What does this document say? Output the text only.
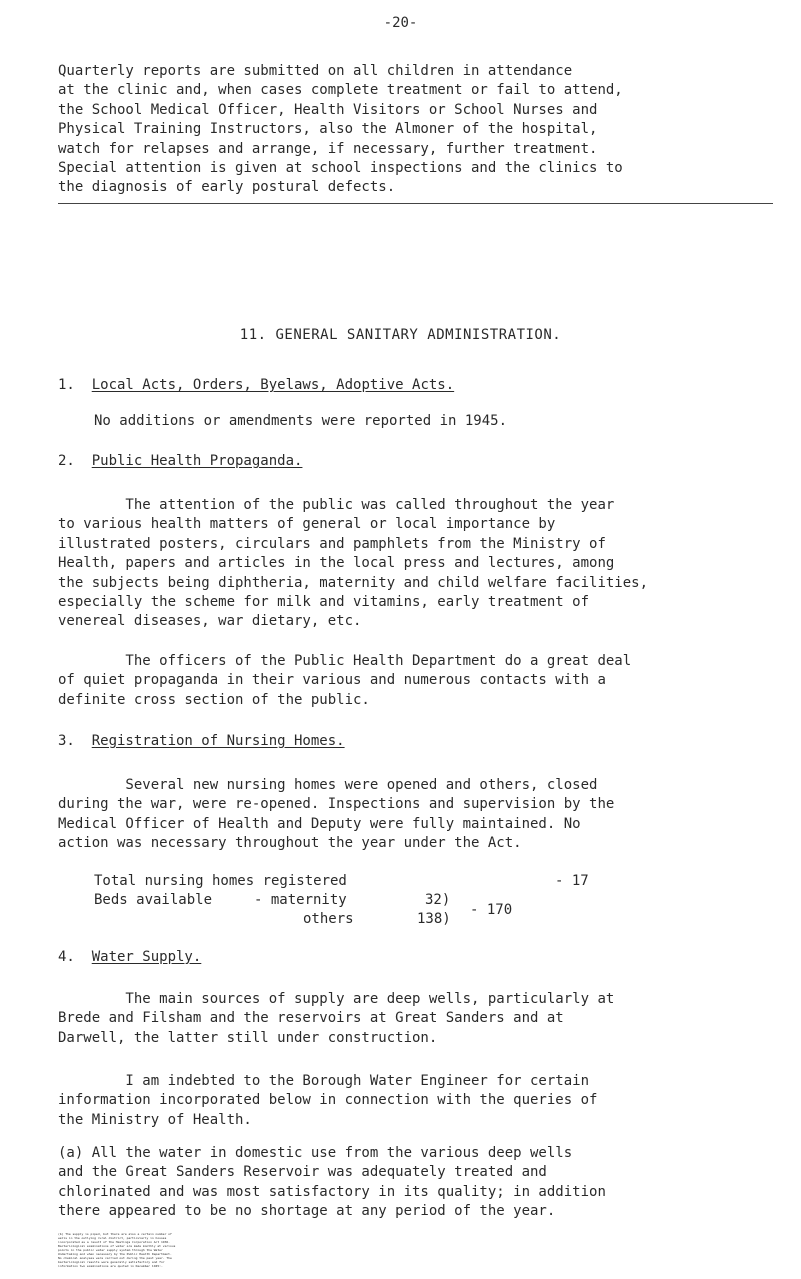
-20-

Quarterly reports are submitted on all children in attendance
at the clinic and, when cases complete treatment or fail to attend,
the School Medical Officer, Health Visitors or School Nurses and
Physical Training Instructors, also the Almoner of the hospital,
watch for relapses and arrange, if necessary, further treatment.
Special attention is given at school inspections and the clinics to
the diagnosis of early postural defects.

11. GENERAL SANITARY ADMINISTRATION.
1. Local Acts, Orders, Byelaws, Adoptive Acts.

No additions or amendments were reported in 1945.

2. Public Health Propaganda.

The attention of the public was called throughout the year
to various health matters of general or local importance by
illustrated posters, circulars and pamphlets from the Ministry of
Health, papers and articles in the local press and lectures, among
the subjects being diphtheria, maternity and child welfare facilities,
especially the scheme for milk and vitamins, early treatment of
venereal diseases, war dietary, etc.

The officers of the Public Health Department do a great deal
of quiet propaganda in their various and numerous contacts with a
definite cross section of the public.

3. Registration of Nursing Homes.

Several new nursing homes were opened and others, closed
during the war, were re-opened. Inspections and supervision by the
Medical Officer of Health and Deputy were fully maintained. No
action was necessary throughout the year under the Act.

Total nursing homes registered	- 17
Beds available	- maternity	32)
others	138)
- 170
4. Water Supply.

The main sources of supply are deep wells, particularly at
Brede and Filsham and the reservoirs at Great Sanders and at
Darwell, the latter still under construction.

I am indebted to the Borough Water Engineer for certain
information incorporated below in connection with the queries of
the Ministry of Health.

(a) All the water in domestic use from the various deep wells
and the Great Sanders Reservoir was adequately treated and
chlorinated and was most satisfactory in its quality; in addition
there appeared to be no shortage at any period of the year.

(b) The supply is piped, but there are also a certain number of
wells in the outlying rural district, particularly in houses
incorporated as a result of the Hastings Corporation Act 1936.
Bacteriological examinations of water are made monthly at various
points in the public water supply system through the Water
Undertaking and when necessary by the Public Health Department.
No chemical analyses were carried out during the past year. The
bacteriological results were generally satisfactory and for
information two examinations are quoted in December 1945:-
